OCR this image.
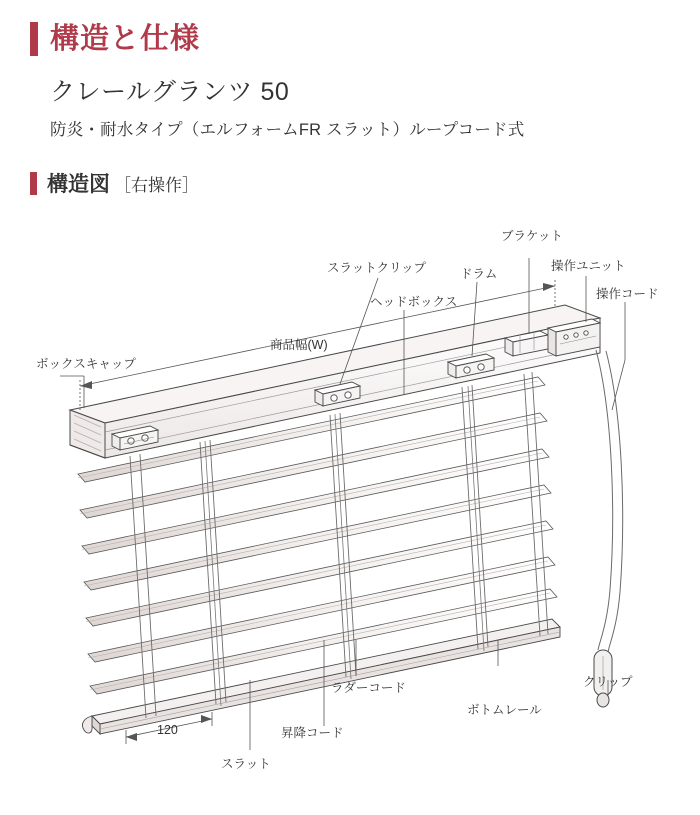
構造と仕様
クレールグランツ 50
防炎・耐水タイプ（エルフォームFR スラット）ループコード式
構造図 ［右操作］
ブラケット
操作ユニット
操作コード
スラットクリップ	ドラム
ヘッドボックス
商品幅(W)
ボックスキャップ
クリップ
ラダーコード
ボトムレール
昇降コード
スラット
120
